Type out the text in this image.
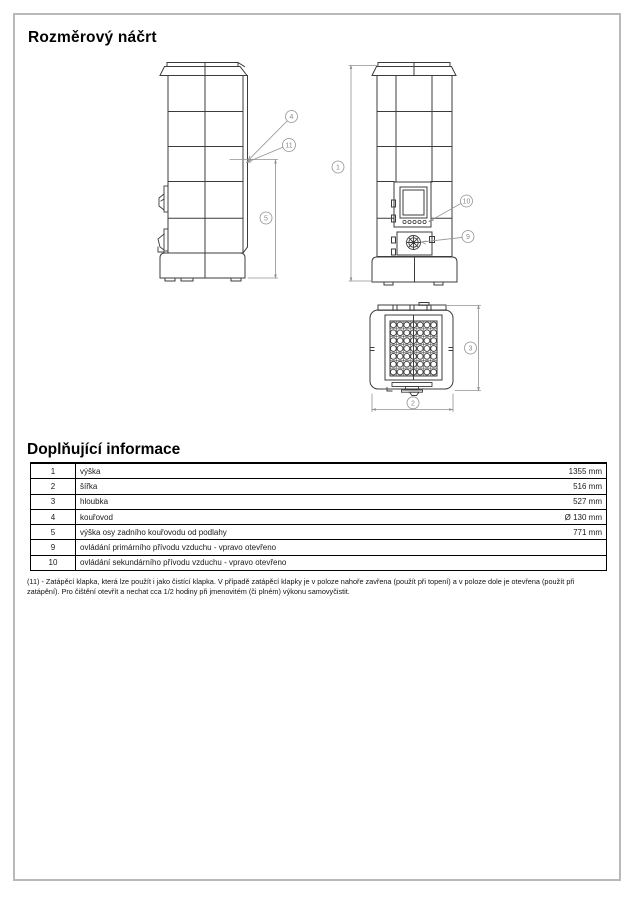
Rozměrový náčrt
4
11
5
1
10
9
2
3
Doplňující informace
1	výška	1355 mm
2	šířka	516 mm
3	hloubka	527 mm
4	kouřovod	Ø 130 mm
5	výška osy zadního kouřovodu od podlahy	771 mm
9	ovládání primárního přívodu vzduchu - vpravo otevřeno
10	ovládání sekundárního přívodu vzduchu - vpravo otevřeno
(11) - Zatápěcí klapka, která lze použít i jako čistící klapka. V případě zatápěcí klapky je v poloze nahoře zavřena (použít při topení) a v poloze dole je otevřena (použít při zatápění). Pro čištění otevřít a nechat cca 1/2 hodiny při jmenovitém (či plném) výkonu samovyčistit.
